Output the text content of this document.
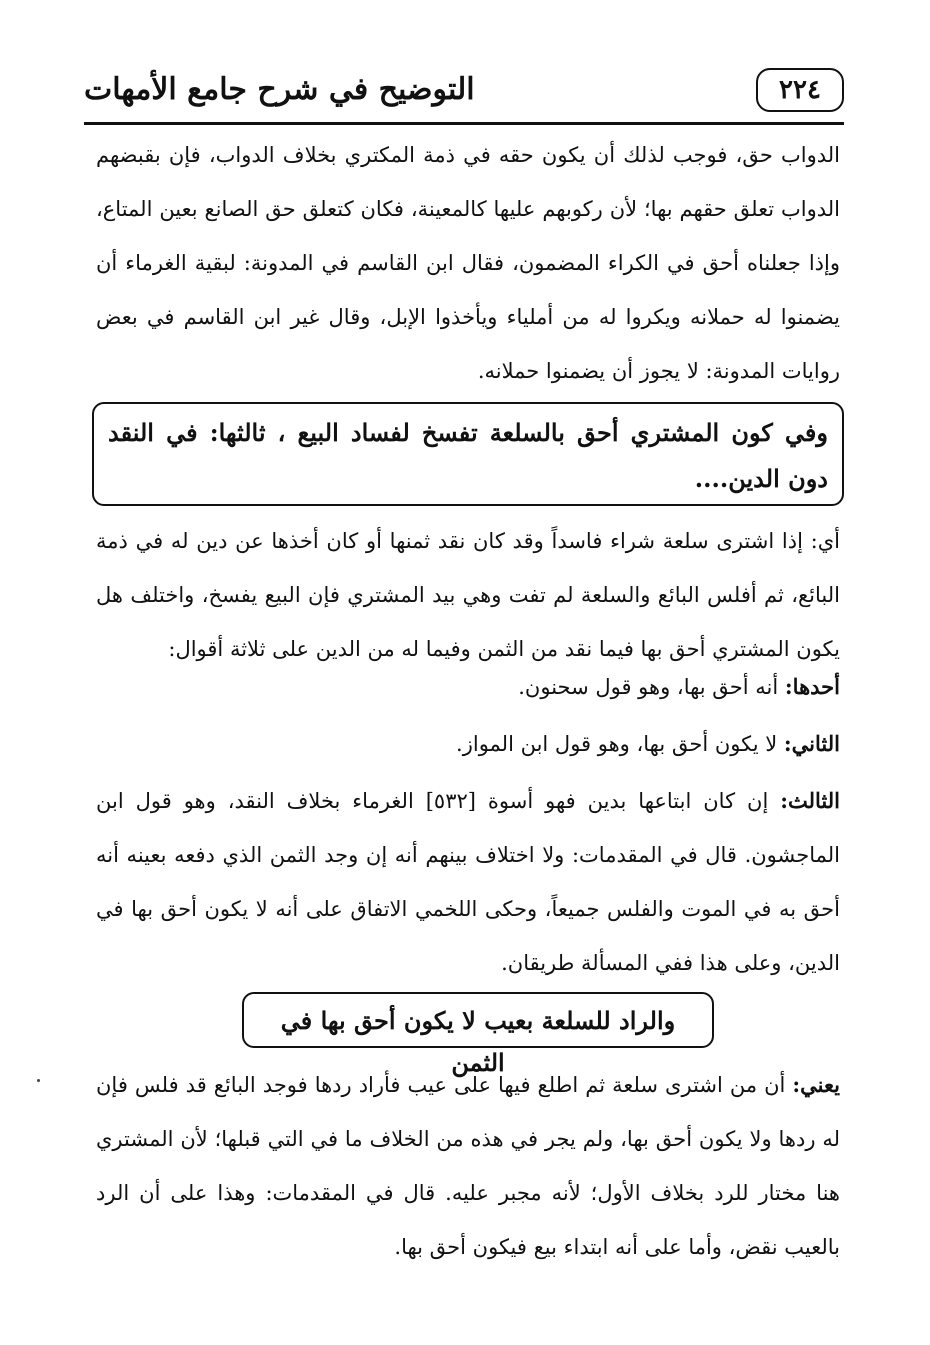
٢٢٤
التوضيح في شرح جامع الأمهات
الدواب حق، فوجب لذلك أن يكون حقه في ذمة المكتري بخلاف الدواب، فإن بقبضهم الدواب تعلق حقهم بها؛ لأن ركوبهم عليها كالمعينة، فكان كتعلق حق الصانع بعين المتاع، وإذا جعلناه أحق في الكراء المضمون، فقال ابن القاسم في المدونة: لبقية الغرماء أن يضمنوا له حملانه ويكروا له من أملياء ويأخذوا الإبل، وقال غير ابن القاسم في بعض روايات المدونة: لا يجوز أن يضمنوا حملانه.
وفي كون المشتري أحق بالسلعة تفسخ لفساد البيع ، ثالثها: في النقد دون الدين....
أي: إذا اشترى سلعة شراء فاسداً وقد كان نقد ثمنها أو كان أخذها عن دين له في ذمة البائع، ثم أفلس البائع والسلعة لم تفت وهي بيد المشتري فإن البيع يفسخ، واختلف هل يكون المشتري أحق بها فيما نقد من الثمن وفيما له من الدين على ثلاثة أقوال:
أحدها: أنه أحق بها، وهو قول سحنون.
الثاني: لا يكون أحق بها، وهو قول ابن المواز.
الثالث: إن كان ابتاعها بدين فهو أسوة [٥٣٢] الغرماء بخلاف النقد، وهو قول ابن الماجشون. قال في المقدمات: ولا اختلاف بينهم أنه إن وجد الثمن الذي دفعه بعينه أنه أحق به في الموت والفلس جميعاً، وحكى اللخمي الاتفاق على أنه لا يكون أحق بها في الدين، وعلى هذا ففي المسألة طريقان.
والراد للسلعة بعيب لا يكون أحق بها في الثمن
يعني: أن من اشترى سلعة ثم اطلع فيها على عيب فأراد ردها فوجد البائع قد فلس فإن له ردها ولا يكون أحق بها، ولم يجر في هذه من الخلاف ما في التي قبلها؛ لأن المشتري هنا مختار للرد بخلاف الأول؛ لأنه مجبر عليه. قال في المقدمات: وهذا على أن الرد بالعيب نقض، وأما على أنه ابتداء بيع فيكون أحق بها.
